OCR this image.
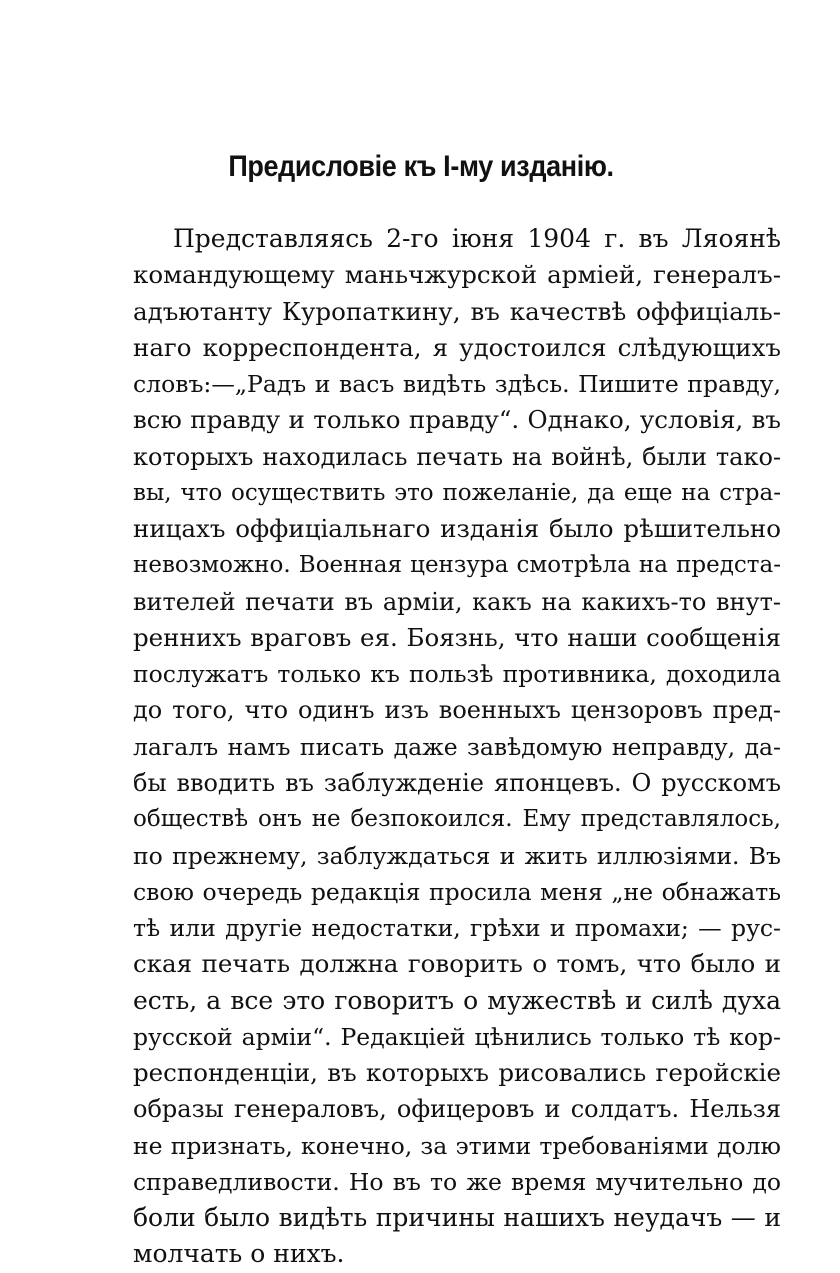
Предисловіе къ I-му изданію.
Представляясь 2-го іюня 1904 г. въ Ляоянѣ
командующему маньчжурской арміей, генералъ-
адъютанту Куропаткину, въ качествѣ оффиціаль-
наго корреспондента, я удостоился слѣдующихъ
словъ:—„Радъ и васъ видѣть здѣсь. Пишите правду,
всю правду и только правду“. Однако, условія, въ
которыхъ находилась печать на войнѣ, были тако-
вы, что осуществить это пожеланіе, да еще на стра-
ницахъ оффиціальнаго изданія было рѣшительно
невозможно. Военная цензура смотрѣла на предста-
вителей печати въ арміи, какъ на какихъ-то внут-
реннихъ враговъ ея. Боязнь, что наши сообщенія
послужатъ только къ пользѣ противника, доходила
до того, что одинъ изъ военныхъ цензоровъ пред-
лагалъ намъ писать даже завѣдомую неправду, да-
бы вводить въ заблужденіе японцевъ. О русскомъ
обществѣ онъ не безпокоился. Ему представлялось,
по прежнему, заблуждаться и жить иллюзіями. Въ
свою очередь редакція просила меня „не обнажать
тѣ или другіе недостатки, грѣхи и промахи; — рус-
ская печать должна говорить о томъ, что было и
есть, а все это говоритъ о мужествѣ и силѣ духа
русской арміи“. Редакціей цѣнились только тѣ кор-
респонденціи, въ которыхъ рисовались геройскіе
образы генераловъ, офицеровъ и солдатъ. Нельзя
не признать, конечно, за этими требованіями долю
справедливости. Но въ то же время мучительно до
боли было видѣть причины нашихъ неудачъ — и
молчать о нихъ.
